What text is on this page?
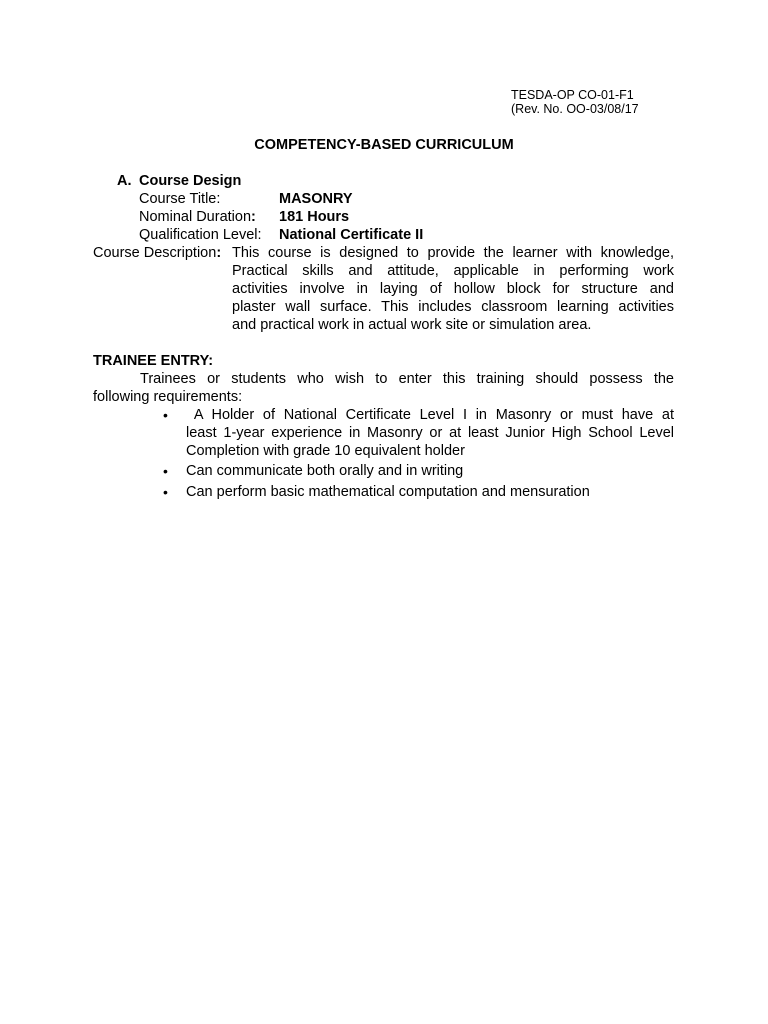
TESDA-OP CO-01-F1
(Rev. No. OO-03/08/17
COMPETENCY-BASED CURRICULUM
A. Course Design
Course Title:	MASONRY
Nominal Duration: 181 Hours
Qualification Level: National Certificate II
Course Description: This course is designed to provide the learner with knowledge,
Practical skills and attitude, applicable in performing work
activities involve in laying of hollow block for structure and
plaster wall surface. This includes classroom learning activities
and practical work in actual work site or simulation area.
TRAINEE ENTRY:
Trainees or students who wish to enter this training should possess the
following requirements:
• A Holder of National Certificate Level I in Masonry or must have at
least 1-year experience in Masonry or at least Junior High School Level
Completion with grade 10 equivalent holder
• Can communicate both orally and in writing
• Can perform basic mathematical computation and mensuration
